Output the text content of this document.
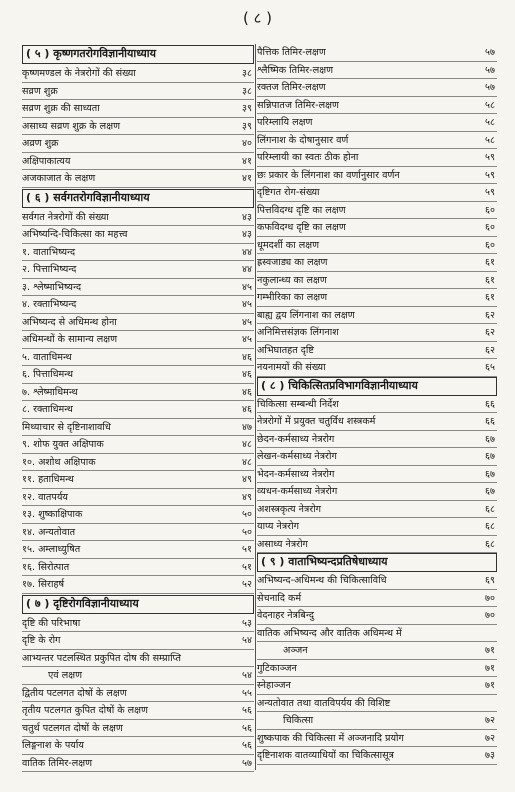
( ८ )
( ५ ) कृष्णगतरोगविज्ञानीयाध्याय
कृष्णमण्डल के नेत्ररोगों की संख्या	३८
सव्रण शुक्र	३८
सव्रण शुक्र की साध्यता	३९
असाध्य सव्रण शुक्र के लक्षण	३९
अव्रण शुक्र	४०
अक्षिपाकात्यय	४१
अजकाजात के लक्षण	४१
( ६ ) सर्वगतरोगविज्ञानीयाध्याय
सर्वगत नेत्ररोगों की संख्या	४३
अभिष्यन्दि-चिकित्सा का महत्त्व	४३
१. वाताभिष्यन्द	४४
२. पित्ताभिष्यन्द	४४
३. श्लेष्माभिष्यन्द	४५
४. रक्ताभिष्यन्द	४५
अभिष्यन्द से अधिमन्थ होना	४५
अधिमन्थों के सामान्य लक्षण	४५
५. वाताधिमन्थ	४६
६. पित्ताधिमन्थ	४६
७. श्लेष्माधिमन्थ	४६
८. रक्ताधिमन्थ	४६
मिथ्याचार से दृष्टिनाशावधि	४७
९. शोफ युक्त अक्षिपाक	४८
१०. अशोथ अक्षिपाक	४८
११. हताधिमन्थ	४९
१२. वातपर्यय	४९
१३. शुष्काक्षिपाक	५०
१४. अन्यतोवात	५०
१५. अम्लाध्युषित	५१
१६. सिरोत्पात	५१
१७. सिराहर्ष	५२
( ७ ) दृष्टिरोगविज्ञानीयाध्याय
दृष्टि की परिभाषा	५३
दृष्टि के रोग	५४
आभ्यन्तर पटलस्थित प्रकुपित दोष की सम्प्राप्ति
एवं लक्षण	५४
द्वितीय पटलगत दोषों के लक्षण	५५
तृतीय पटलगत कुपित दोषों के लक्षण	५६
चतुर्थ पटलगत दोषों के लक्षण	५६
लिङ्गनाश के पर्याय	५६
वातिक तिमिर-लक्षण	५७
पैत्तिक तिमिर-लक्षण	५७
श्लैष्मिक तिमिर-लक्षण	५७
रक्तज तिमिर-लक्षण	५७
सन्निपातज तिमिर-लक्षण	५८
परिम्लायि लक्षण	५८
लिंगनाश के दोषानुसार वर्ण	५८
परिम्लायी का स्वतः ठीक होना	५९
छः प्रकार के लिंगनाश का वर्णानुसार वर्णन	५९
दृष्टिगत रोग-संख्या	५९
पित्तविदग्ध दृष्टि का लक्षण	६०
कफविदग्ध दृष्टि का लक्षण	६०
धूमदर्शी का लक्षण	६०
ह्रस्वजाड्य का लक्षण	६१
नकुलान्ध्य का लक्षण	६१
गम्भीरिका का लक्षण	६१
बाह्य द्वय लिंगनाश का लक्षण	६२
अनिमित्तसंज्ञक लिंगनाश	६२
अभिघातहत दृष्टि	६२
नयनामयों की संख्या	६५
( ८ ) चिकित्सितप्रविभागविज्ञानीयाध्याय
चिकित्सा सम्बन्धी निर्देश	६६
नेत्ररोगों में प्रयुक्त चतुर्विध शस्त्रकर्म	६६
छेदन-कर्मसाध्य नेत्ररोग	६७
लेखन-कर्मसाध्य नेत्ररोग	६७
भेदन-कर्मसाध्य नेत्ररोग	६७
व्यधन-कर्मसाध्य नेत्ररोग	६७
अशस्त्रकृत्य नेत्ररोग	६८
याप्य नेत्ररोग	६८
असाध्य नेत्ररोग	६८
( ९ ) वाताभिष्यन्दप्रतिषेधाध्याय
अभिष्यन्द-अधिमन्थ की चिकित्साविधि	६९
सेचनादि कर्म	७०
वेदनाहर नेत्रबिन्दु	७०
वातिक अभिष्यन्द और वातिक अधिमन्थ में
अञ्जन	७१
गुटिकाञ्जन	७१
स्नेहाञ्जन	७१
अन्यतोवात तथा वातविपर्यय की विशिष्ट
चिकित्सा	७२
शुष्कपाक की चिकित्सा में अञ्जनादि प्रयोग	७२
दृष्टिनाशक वातव्याधियों का चिकित्सासूत्र	७३
